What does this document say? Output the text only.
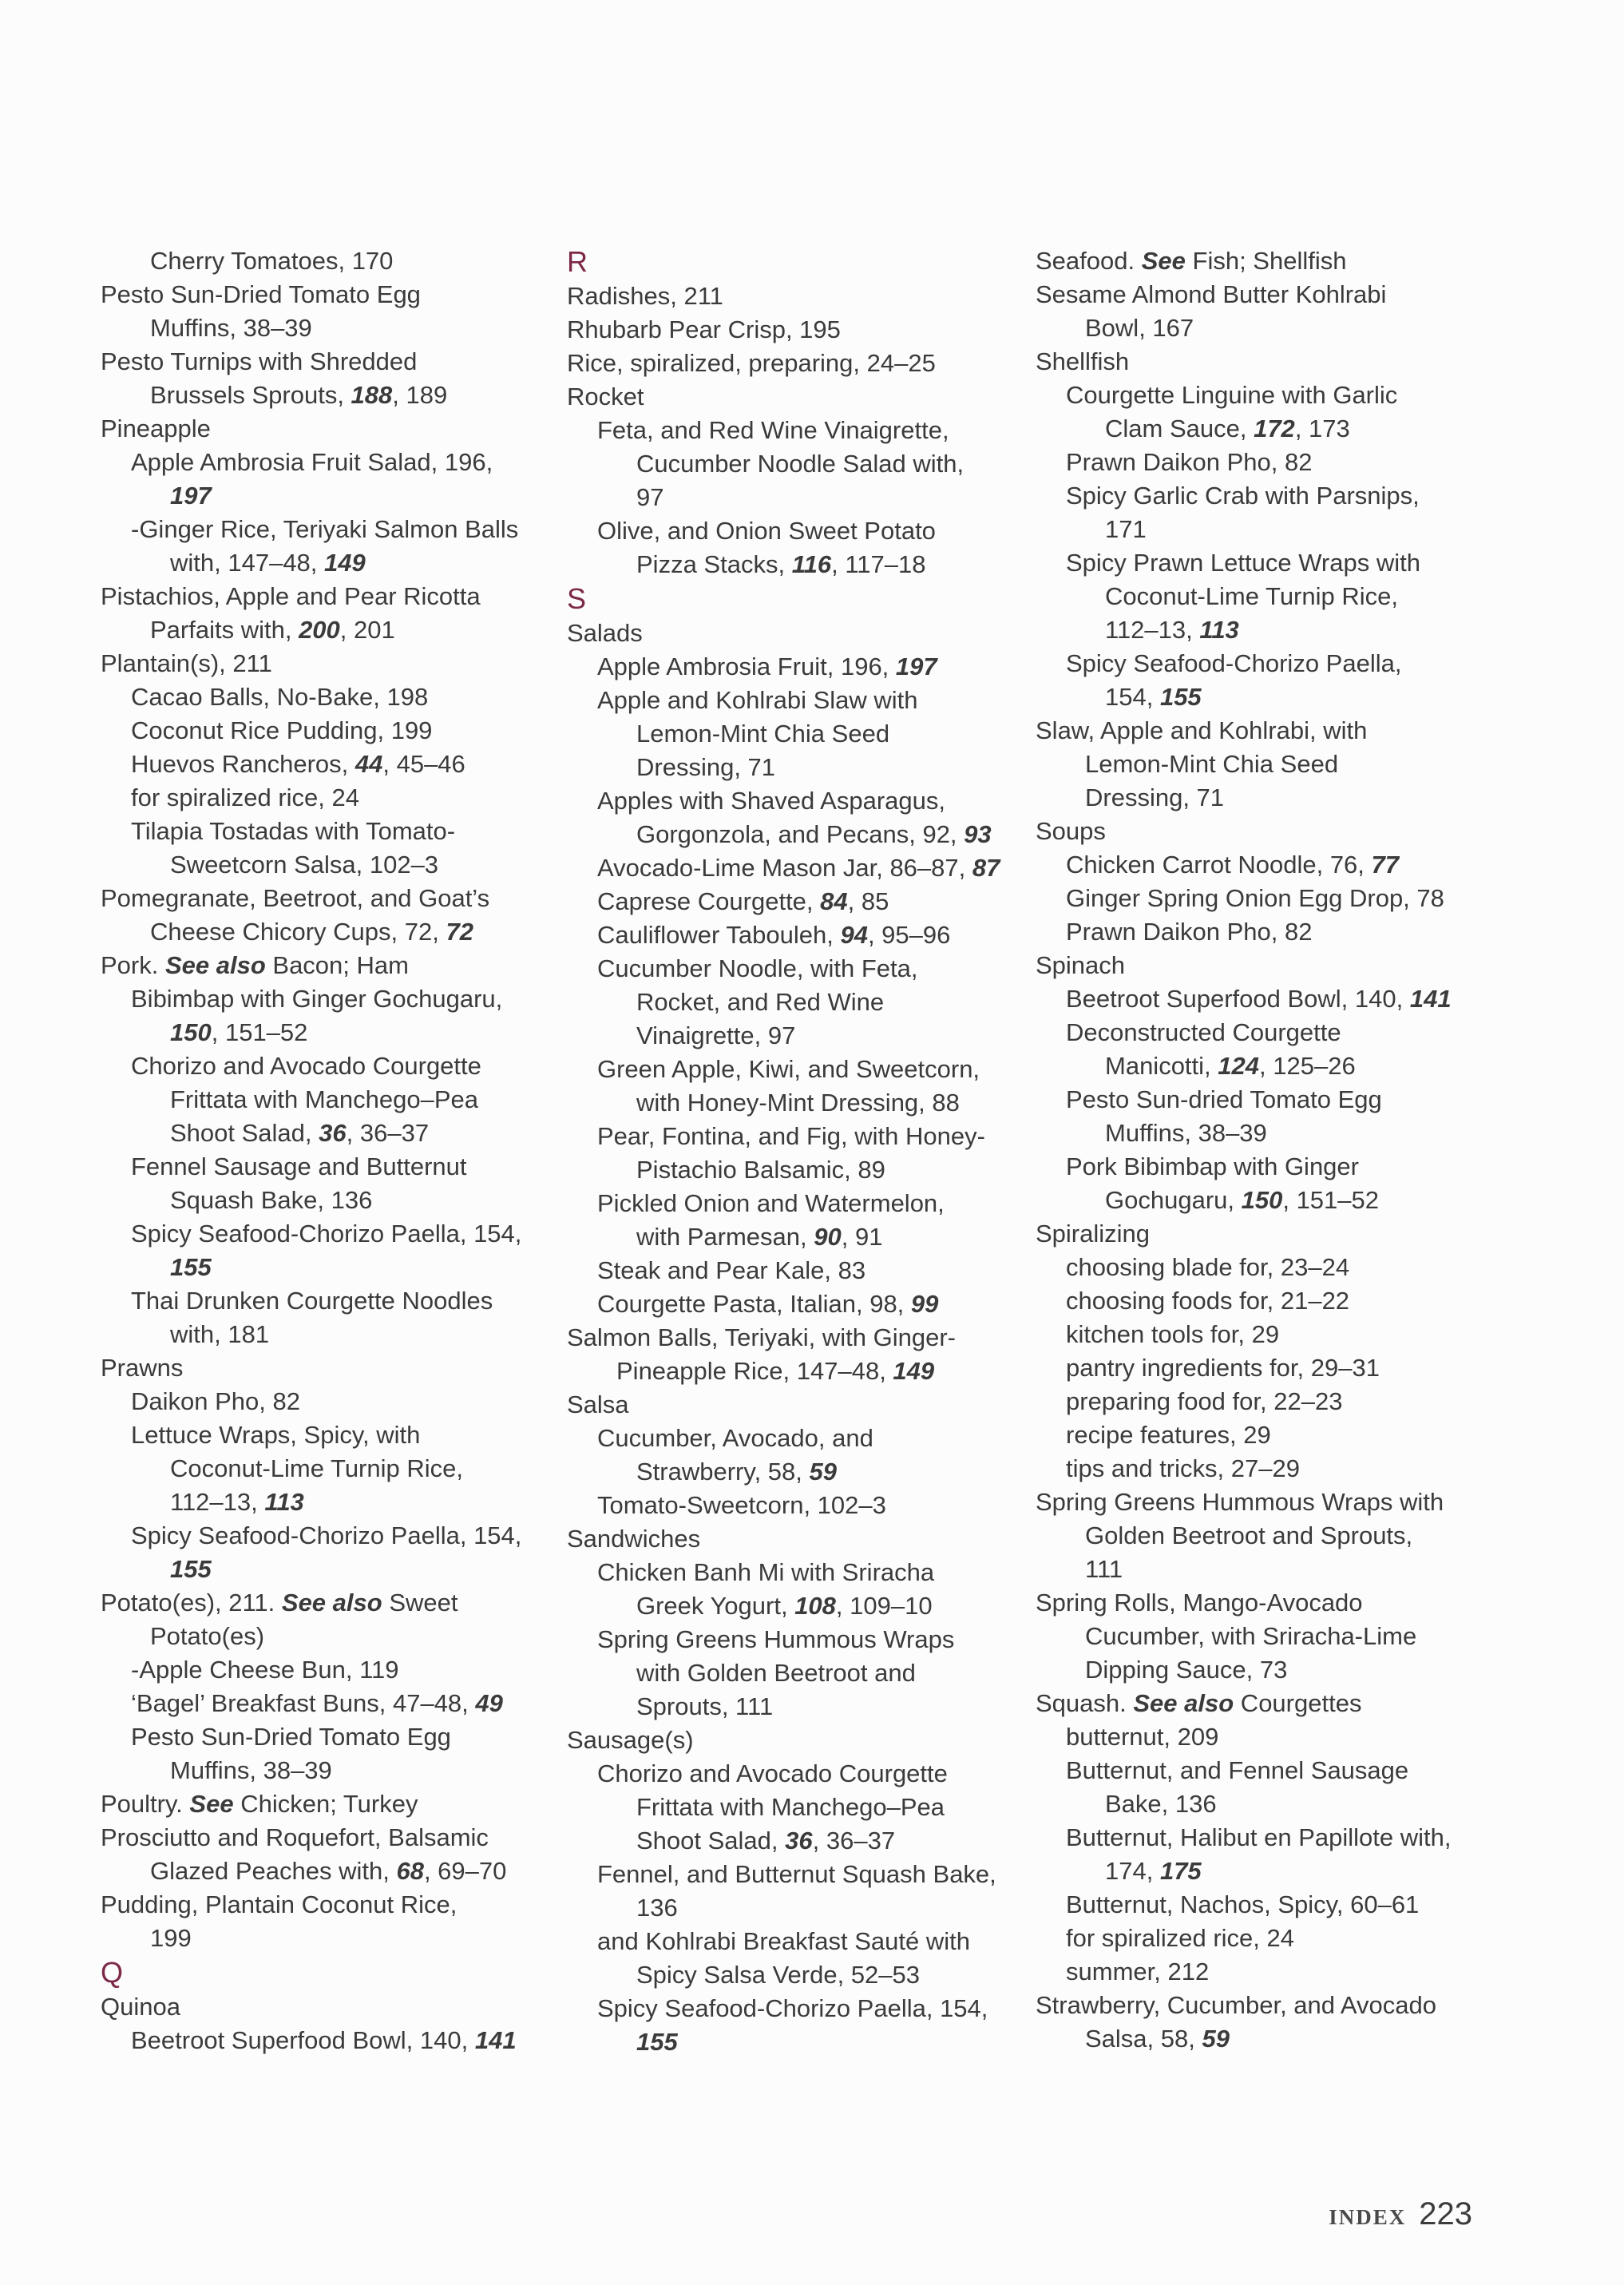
Cherry Tomatoes, 170
Pesto Sun-Dried Tomato Egg
Muffins, 38–39
Pesto Turnips with Shredded
Brussels Sprouts, 188, 189
Pineapple
Apple Ambrosia Fruit Salad, 196,
197
-Ginger Rice, Teriyaki Salmon Balls
with, 147–48, 149
Pistachios, Apple and Pear Ricotta
Parfaits with, 200, 201
Plantain(s), 211
Cacao Balls, No-Bake, 198
Coconut Rice Pudding, 199
Huevos Rancheros, 44, 45–46
for spiralized rice, 24
Tilapia Tostadas with Tomato-
Sweetcorn Salsa, 102–3
Pomegranate, Beetroot, and Goat’s
Cheese Chicory Cups, 72, 72
Pork. See also Bacon; Ham
Bibimbap with Ginger Gochugaru,
150, 151–52
Chorizo and Avocado Courgette
Frittata with Manchego–Pea
Shoot Salad, 36, 36–37
Fennel Sausage and Butternut
Squash Bake, 136
Spicy Seafood-Chorizo Paella, 154,
155
Thai Drunken Courgette Noodles
with, 181
Prawns
Daikon Pho, 82
Lettuce Wraps, Spicy, with
Coconut-Lime Turnip Rice,
112–13, 113
Spicy Seafood-Chorizo Paella, 154,
155
Potato(es), 211. See also Sweet
Potato(es)
-Apple Cheese Bun, 119
‘Bagel’ Breakfast Buns, 47–48, 49
Pesto Sun-Dried Tomato Egg
Muffins, 38–39
Poultry. See Chicken; Turkey
Prosciutto and Roquefort, Balsamic
Glazed Peaches with, 68, 69–70
Pudding, Plantain Coconut Rice,
199
Q
Quinoa
Beetroot Superfood Bowl, 140, 141
R
Radishes, 211
Rhubarb Pear Crisp, 195
Rice, spiralized, preparing, 24–25
Rocket
Feta, and Red Wine Vinaigrette,
Cucumber Noodle Salad with,
97
Olive, and Onion Sweet Potato
Pizza Stacks, 116, 117–18
S
Salads
Apple Ambrosia Fruit, 196, 197
Apple and Kohlrabi Slaw with
Lemon-Mint Chia Seed
Dressing, 71
Apples with Shaved Asparagus,
Gorgonzola, and Pecans, 92, 93
Avocado-Lime Mason Jar, 86–87, 87
Caprese Courgette, 84, 85
Cauliflower Tabouleh, 94, 95–96
Cucumber Noodle, with Feta,
Rocket, and Red Wine
Vinaigrette, 97
Green Apple, Kiwi, and Sweetcorn,
with Honey-Mint Dressing, 88
Pear, Fontina, and Fig, with Honey-
Pistachio Balsamic, 89
Pickled Onion and Watermelon,
with Parmesan, 90, 91
Steak and Pear Kale, 83
Courgette Pasta, Italian, 98, 99
Salmon Balls, Teriyaki, with Ginger-
Pineapple Rice, 147–48, 149
Salsa
Cucumber, Avocado, and
Strawberry, 58, 59
Tomato-Sweetcorn, 102–3
Sandwiches
Chicken Banh Mi with Sriracha
Greek Yogurt, 108, 109–10
Spring Greens Hummous Wraps
with Golden Beetroot and
Sprouts, 111
Sausage(s)
Chorizo and Avocado Courgette
Frittata with Manchego–Pea
Shoot Salad, 36, 36–37
Fennel, and Butternut Squash Bake,
136
and Kohlrabi Breakfast Sauté with
Spicy Salsa Verde, 52–53
Spicy Seafood-Chorizo Paella, 154,
155
Seafood. See Fish; Shellfish
Sesame Almond Butter Kohlrabi
Bowl, 167
Shellfish
Courgette Linguine with Garlic
Clam Sauce, 172, 173
Prawn Daikon Pho, 82
Spicy Garlic Crab with Parsnips,
171
Spicy Prawn Lettuce Wraps with
Coconut-Lime Turnip Rice,
112–13, 113
Spicy Seafood-Chorizo Paella,
154, 155
Slaw, Apple and Kohlrabi, with
Lemon-Mint Chia Seed
Dressing, 71
Soups
Chicken Carrot Noodle, 76, 77
Ginger Spring Onion Egg Drop, 78
Prawn Daikon Pho, 82
Spinach
Beetroot Superfood Bowl, 140, 141
Deconstructed Courgette
Manicotti, 124, 125–26
Pesto Sun-dried Tomato Egg
Muffins, 38–39
Pork Bibimbap with Ginger
Gochugaru, 150, 151–52
Spiralizing
choosing blade for, 23–24
choosing foods for, 21–22
kitchen tools for, 29
pantry ingredients for, 29–31
preparing food for, 22–23
recipe features, 29
tips and tricks, 27–29
Spring Greens Hummous Wraps with
Golden Beetroot and Sprouts,
111
Spring Rolls, Mango-Avocado
Cucumber, with Sriracha-Lime
Dipping Sauce, 73
Squash. See also Courgettes
butternut, 209
Butternut, and Fennel Sausage
Bake, 136
Butternut, Halibut en Papillote with,
174, 175
Butternut, Nachos, Spicy, 60–61
for spiralized rice, 24
summer, 212
Strawberry, Cucumber, and Avocado
Salsa, 58, 59
INDEX 223
